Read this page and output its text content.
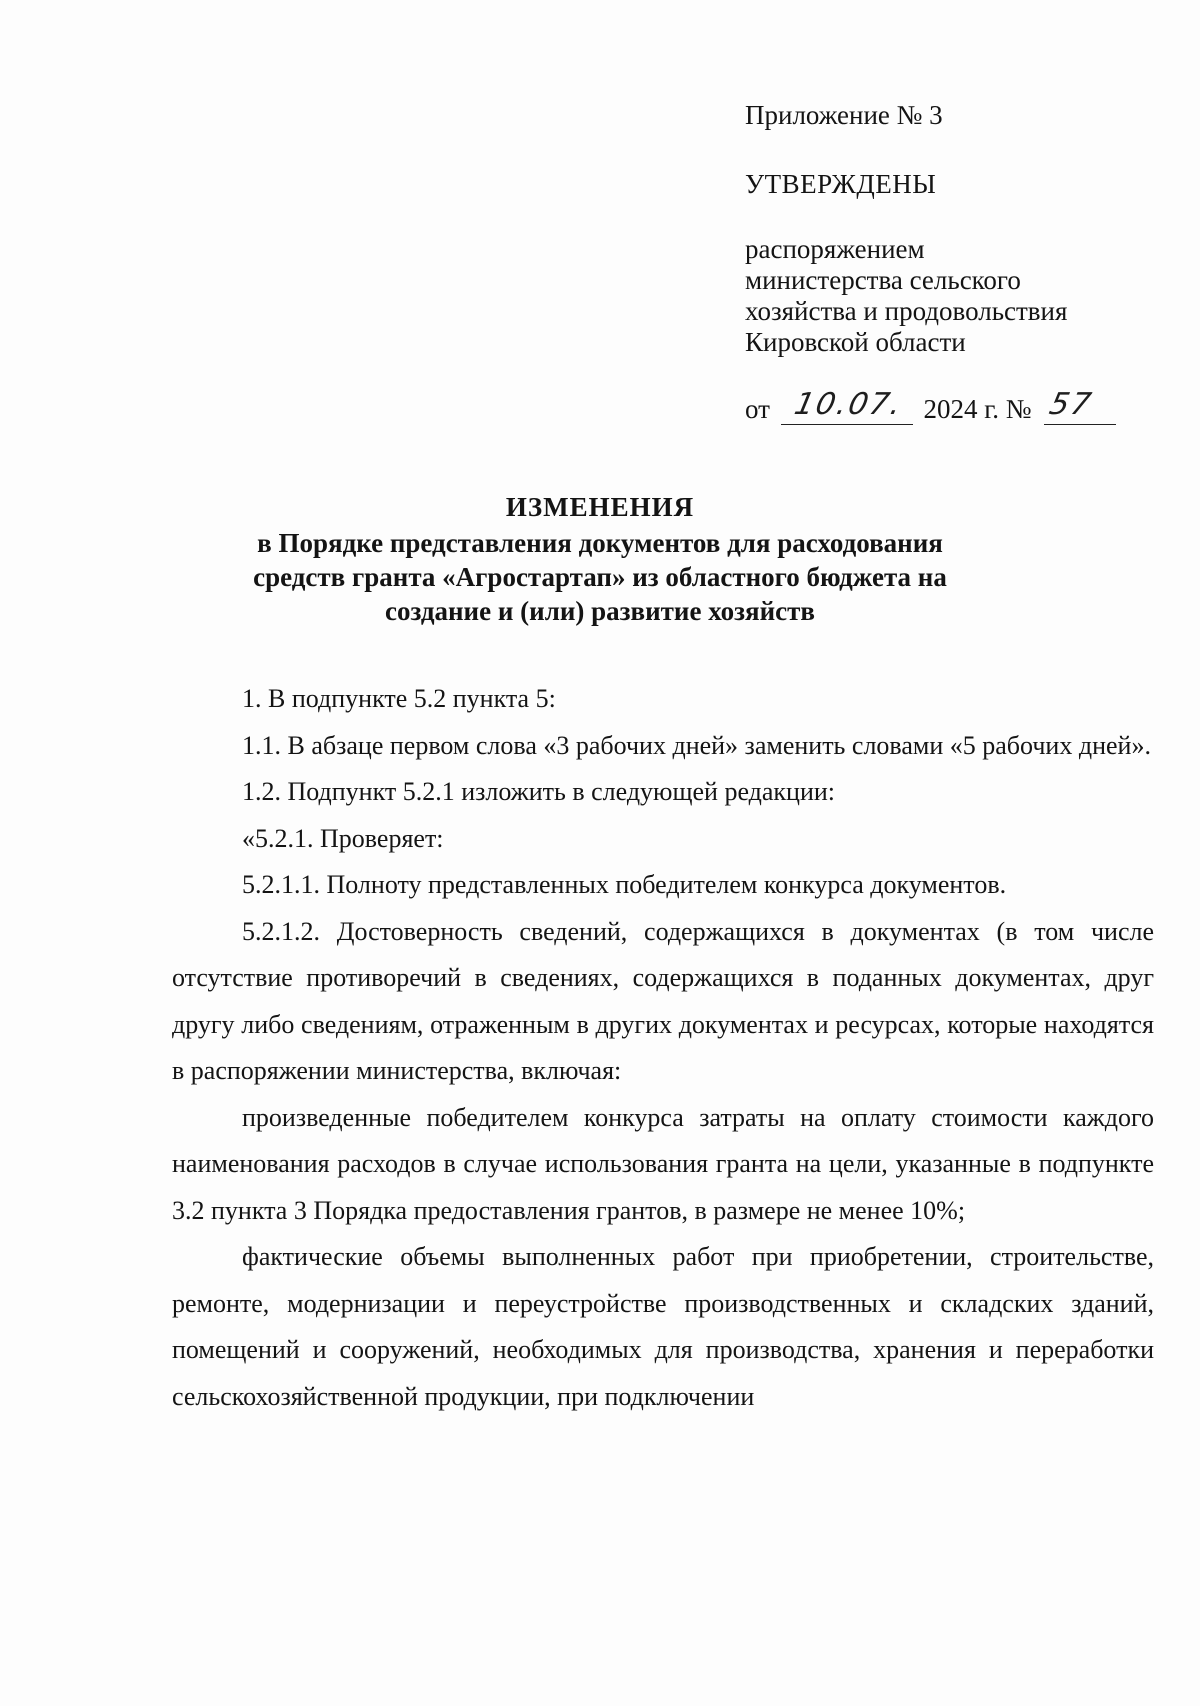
Приложение № 3
УТВЕРЖДЕНЫ
распоряжением
министерства сельского
хозяйства и продовольствия
Кировской области
от 10.07. 2024 г. № 57
ИЗМЕНЕНИЯ
в Порядке представления документов для расходования
средств гранта «Агростартап» из областного бюджета на
создание и (или) развитие хозяйств

1. В подпункте 5.2 пункта 5:

1.1. В абзаце первом слова «3 рабочих дней» заменить словами «5 рабочих дней».

1.2. Подпункт 5.2.1 изложить в следующей редакции:

«5.2.1. Проверяет:

5.2.1.1. Полноту представленных победителем конкурса документов.

5.2.1.2. Достоверность сведений, содержащихся в документах (в том числе отсутствие противоречий в сведениях, содержащихся в поданных документах, друг другу либо сведениям, отраженным в других документах и ресурсах, которые находятся в распоряжении министерства, включая:

произведенные победителем конкурса затраты на оплату стоимости каждого наименования расходов в случае использования гранта на цели, указанные в подпункте 3.2 пункта 3 Порядка предоставления грантов, в размере не менее 10%;

фактические объемы выполненных работ при приобретении, строительстве, ремонте, модернизации и переустройстве производственных и складских зданий, помещений и сооружений, необходимых для производства, хранения и переработки сельскохозяйственной продукции, при подключении
